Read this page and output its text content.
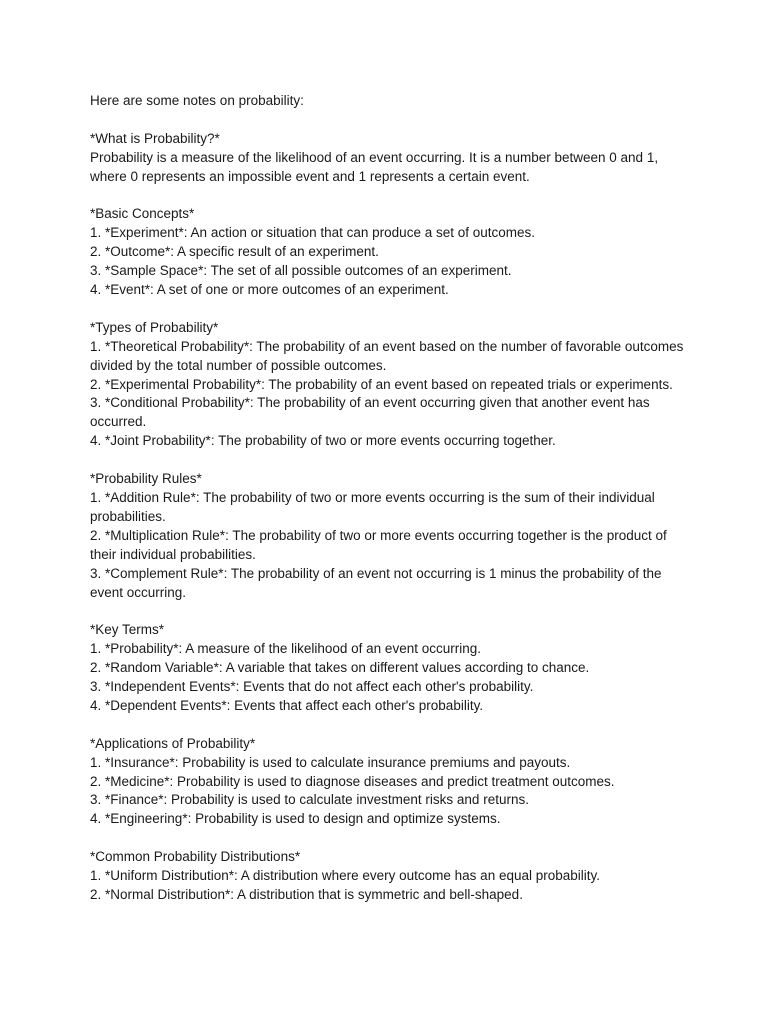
Here are some notes on probability:

*What is Probability?*

Probability is a measure of the likelihood of an event occurring. It is a number between 0 and 1, where 0 represents an impossible event and 1 represents a certain event.

*Basic Concepts*

1. *Experiment*: An action or situation that can produce a set of outcomes.

2. *Outcome*: A specific result of an experiment.

3. *Sample Space*: The set of all possible outcomes of an experiment.

4. *Event*: A set of one or more outcomes of an experiment.

*Types of Probability*

1. *Theoretical Probability*: The probability of an event based on the number of favorable outcomes divided by the total number of possible outcomes.

2. *Experimental Probability*: The probability of an event based on repeated trials or experiments.

3. *Conditional Probability*: The probability of an event occurring given that another event has occurred.

4. *Joint Probability*: The probability of two or more events occurring together.

*Probability Rules*

1. *Addition Rule*: The probability of two or more events occurring is the sum of their individual probabilities.

2. *Multiplication Rule*: The probability of two or more events occurring together is the product of their individual probabilities.

3. *Complement Rule*: The probability of an event not occurring is 1 minus the probability of the event occurring.

*Key Terms*

1. *Probability*: A measure of the likelihood of an event occurring.

2. *Random Variable*: A variable that takes on different values according to chance.

3. *Independent Events*: Events that do not affect each other's probability.

4. *Dependent Events*: Events that affect each other's probability.

*Applications of Probability*

1. *Insurance*: Probability is used to calculate insurance premiums and payouts.

2. *Medicine*: Probability is used to diagnose diseases and predict treatment outcomes.

3. *Finance*: Probability is used to calculate investment risks and returns.

4. *Engineering*: Probability is used to design and optimize systems.

*Common Probability Distributions*

1. *Uniform Distribution*: A distribution where every outcome has an equal probability.

2. *Normal Distribution*: A distribution that is symmetric and bell-shaped.
